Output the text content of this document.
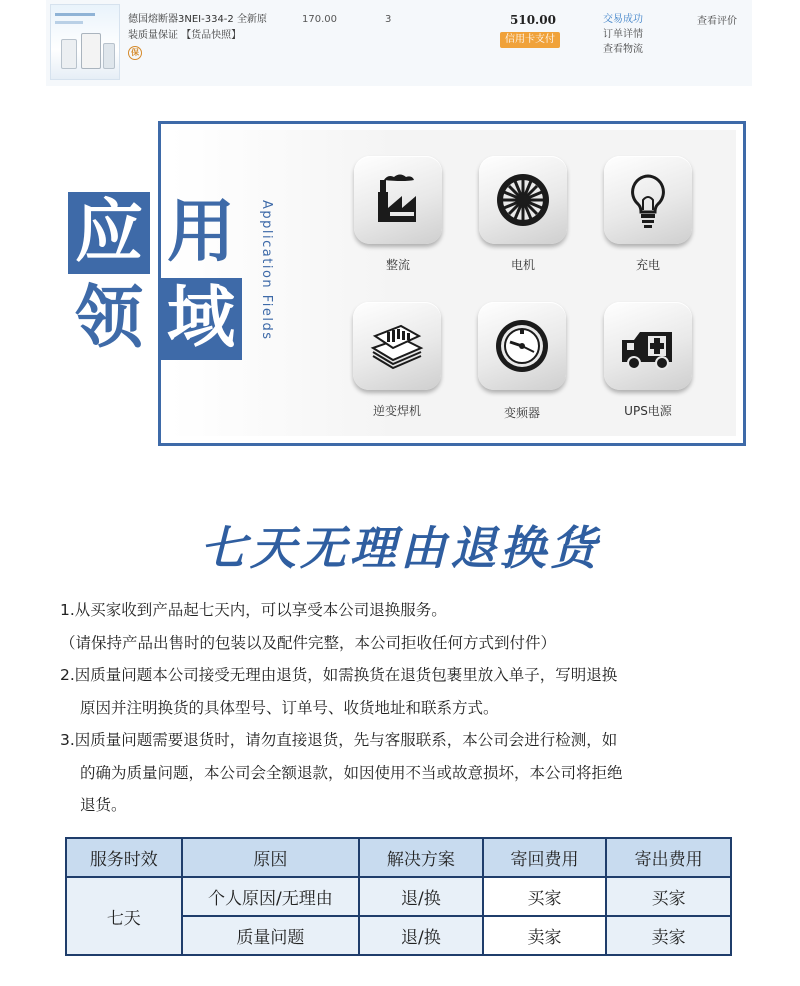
德国熔断器3NEI-334-2 全新原
装质量保证 【货品快照】
保
170.00	3	510.00
信用卡支付
交易成功
订单详情
查看物流
查看评价
应 用
领 域	Application Fields	整流	电机	充电
逆变焊机	变频器	UPS电源
七天无理由退换货

1.从买家收到产品起七天内，可以享受本公司退换服务。

（请保持产品出售时的包装以及配件完整，本公司拒收任何方式到付件）

2.因质量问题本公司接受无理由退货，如需换货在退货包裹里放入单子，写明退换

原因并注明换货的具体型号、订单号、收货地址和联系方式。

3.因质量问题需要退货时，请勿直接退货，先与客服联系，本公司会进行检测，如

的确为质量问题，本公司会全额退款，如因使用不当或故意损坏，本公司将拒绝

退货。

服务时效	原因	解决方案	寄回费用	寄出费用
七天	个人原因/无理由	退/换	买家	买家
	质量问题	退/换	卖家	卖家
